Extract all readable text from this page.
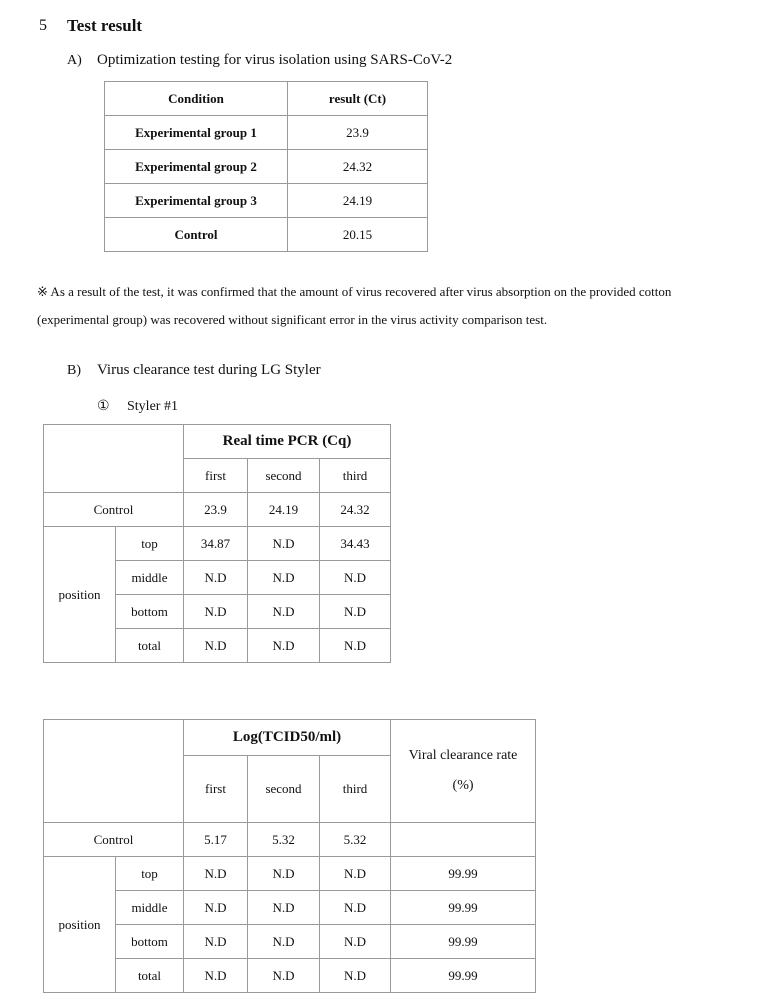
5 Test result
A) Optimization testing for virus isolation using SARS-CoV-2
Condition	result (Ct)
Experimental group 1	23.9
Experimental group 2	24.32
Experimental group 3	24.19
Control	20.15
※ As a result of the test, it was confirmed that the amount of virus recovered after virus absorption on the provided cotton (experimental group) was recovered without significant error in the virus activity comparison test.
B) Virus clearance test during LG Styler
① Styler #1
		Real time PCR (Cq)		
		first	second	third
Control		23.9	24.19	24.32
position	top	34.87	N.D	34.43
	middle	N.D	N.D	N.D
	bottom	N.D	N.D	N.D
	total	N.D	N.D	N.D
		Log(TCID50/ml)			Viral clearance rate
(%)

		first	second	third	
Control		5.17	5.32	5.32	
position	top	N.D	N.D	N.D	99.99
	middle	N.D	N.D	N.D	99.99
	bottom	N.D	N.D	N.D	99.99
	total	N.D	N.D	N.D	99.99
